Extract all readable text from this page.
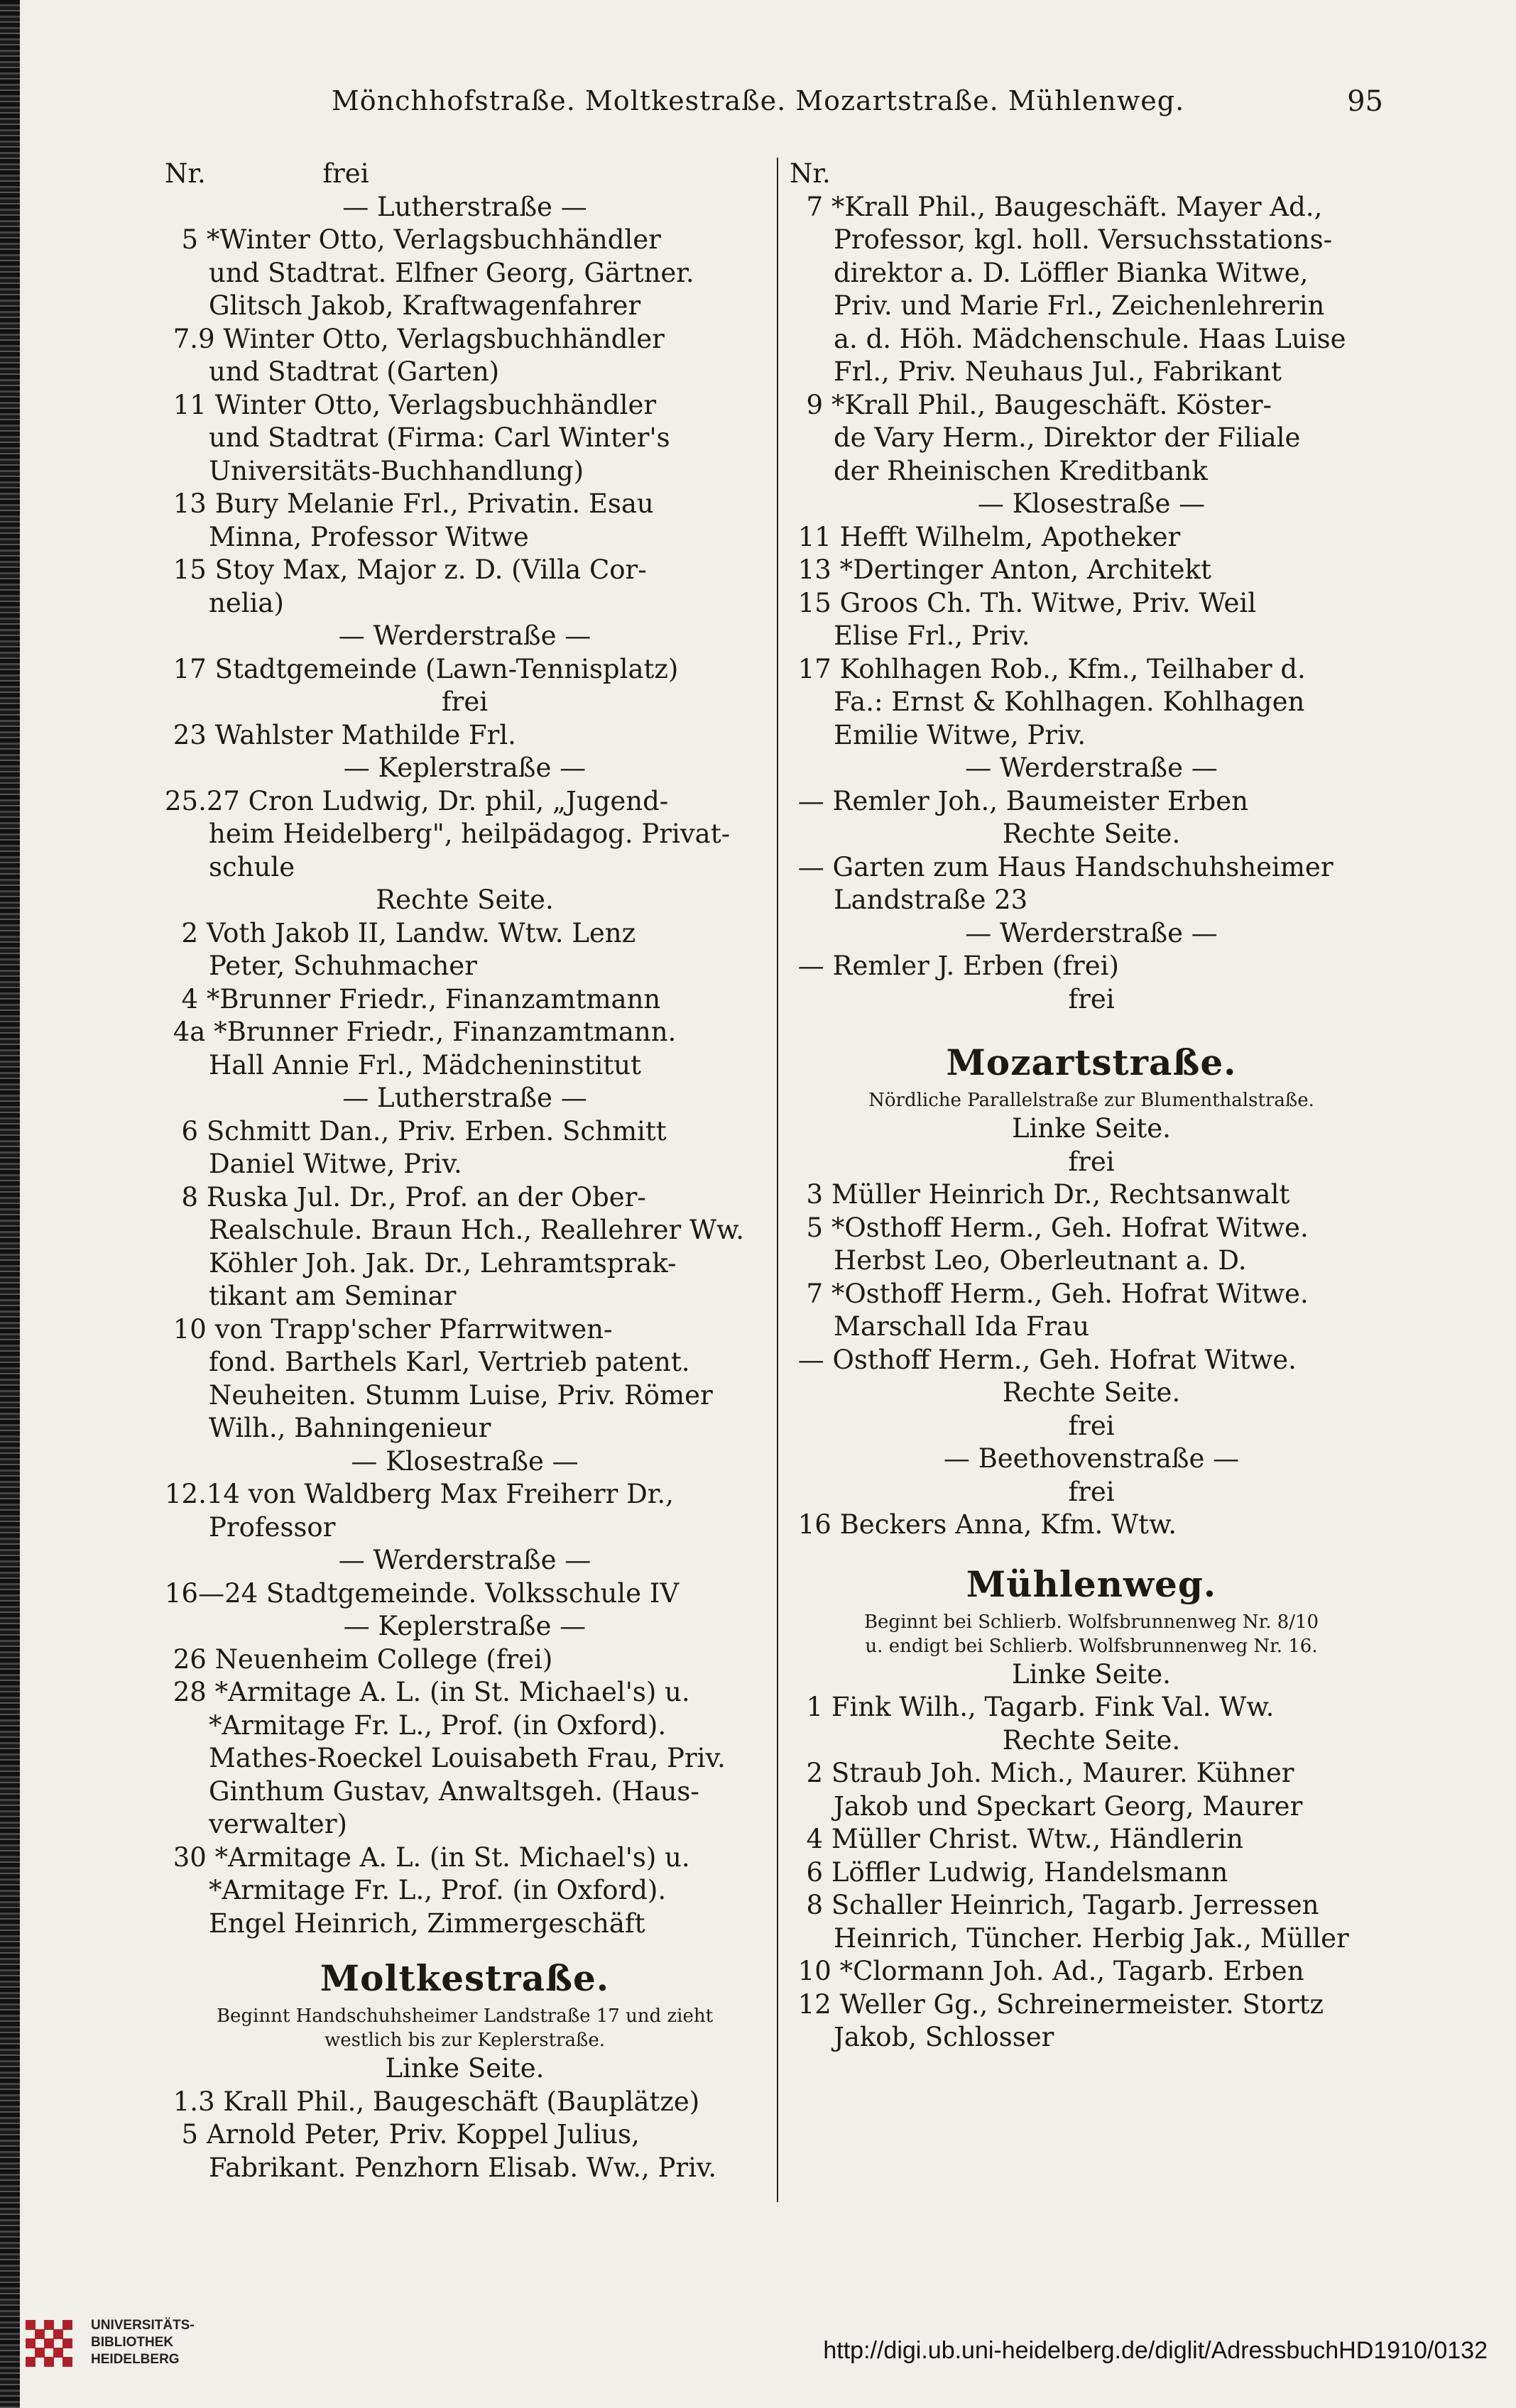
Mönchhofstraße. Moltkestraße. Mozartstraße. Mühlenweg.	95
Nr.              frei
— Lutherstraße —
5 *Winter Otto, Verlagsbuchhändler
und Stadtrat. Elfner Georg, Gärtner.
Glitsch Jakob, Kraftwagenfahrer
7.9 Winter Otto, Verlagsbuchhändler
und Stadtrat (Garten)
11 Winter Otto, Verlagsbuchhändler
und Stadtrat (Firma: Carl Winter's
Universitäts-Buchhandlung)
13 Bury Melanie Frl., Privatin. Esau
Minna, Professor Witwe
15 Stoy Max, Major z. D. (Villa Cor-
nelia)
— Werderstraße —
17 Stadtgemeinde (Lawn-Tennisplatz)
frei
23 Wahlster Mathilde Frl.
— Keplerstraße —
25.27 Cron Ludwig, Dr. phil, „Jugend-
heim Heidelberg", heilpädagog. Privat-
schule
Rechte Seite.
2 Voth Jakob II, Landw. Wtw. Lenz
Peter, Schuhmacher
4 *Brunner Friedr., Finanzamtmann
4a *Brunner Friedr., Finanzamtmann.
Hall Annie Frl., Mädcheninstitut
— Lutherstraße —
6 Schmitt Dan., Priv. Erben. Schmitt
Daniel Witwe, Priv.
8 Ruska Jul. Dr., Prof. an der Ober-
Realschule. Braun Hch., Reallehrer Ww.
Köhler Joh. Jak. Dr., Lehramtsprak-
tikant am Seminar
10 von Trapp'scher Pfarrwitwen-
fond. Barthels Karl, Vertrieb patent.
Neuheiten. Stumm Luise, Priv. Römer
Wilh., Bahningenieur
— Klosestraße —
12.14 von Waldberg Max Freiherr Dr.,
Professor
— Werderstraße —
16—24 Stadtgemeinde. Volksschule IV
— Keplerstraße —
26 Neuenheim College (frei)
28 *Armitage A. L. (in St. Michael's) u.
*Armitage Fr. L., Prof. (in Oxford).
Mathes-Roeckel Louisabeth Frau, Priv.
Ginthum Gustav, Anwaltsgeh. (Haus-
verwalter)
30 *Armitage A. L. (in St. Michael's) u.
*Armitage Fr. L., Prof. (in Oxford).
Engel Heinrich, Zimmergeschäft
Moltkestraße.
Beginnt Handschuhsheimer Landstraße 17 und zieht
westlich bis zur Keplerstraße.
Linke Seite.
1.3 Krall Phil., Baugeschäft (Bauplätze)
5 Arnold Peter, Priv. Koppel Julius,
Fabrikant. Penzhorn Elisab. Ww., Priv.
Nr.
7 *Krall Phil., Baugeschäft. Mayer Ad.,
Professor, kgl. holl. Versuchsstations-
direktor a. D. Löffler Bianka Witwe,
Priv. und Marie Frl., Zeichenlehrerin
a. d. Höh. Mädchenschule. Haas Luise
Frl., Priv. Neuhaus Jul., Fabrikant
9 *Krall Phil., Baugeschäft. Köster-
de Vary Herm., Direktor der Filiale
der Rheinischen Kreditbank
— Klosestraße —
11 Hefft Wilhelm, Apotheker
13 *Dertinger Anton, Architekt
15 Groos Ch. Th. Witwe, Priv. Weil
Elise Frl., Priv.
17 Kohlhagen Rob., Kfm., Teilhaber d.
Fa.: Ernst & Kohlhagen. Kohlhagen
Emilie Witwe, Priv.
— Werderstraße —
— Remler Joh., Baumeister Erben
Rechte Seite.
— Garten zum Haus Handschuhsheimer
Landstraße 23
— Werderstraße —
— Remler J. Erben (frei)
frei
Mozartstraße.
Nördliche Parallelstraße zur Blumenthalstraße.
Linke Seite.
frei
3 Müller Heinrich Dr., Rechtsanwalt
5 *Osthoff Herm., Geh. Hofrat Witwe.
Herbst Leo, Oberleutnant a. D.
7 *Osthoff Herm., Geh. Hofrat Witwe.
Marschall Ida Frau
— Osthoff Herm., Geh. Hofrat Witwe.
Rechte Seite.
frei
— Beethovenstraße —
frei
16 Beckers Anna, Kfm. Wtw.
Mühlenweg.
Beginnt bei Schlierb. Wolfsbrunnenweg Nr. 8/10
u. endigt bei Schlierb. Wolfsbrunnenweg Nr. 16.
Linke Seite.
1 Fink Wilh., Tagarb. Fink Val. Ww.
Rechte Seite.
2 Straub Joh. Mich., Maurer. Kühner
Jakob und Speckart Georg, Maurer
4 Müller Christ. Wtw., Händlerin
6 Löffler Ludwig, Handelsmann
8 Schaller Heinrich, Tagarb. Jerressen
Heinrich, Tüncher. Herbig Jak., Müller
10 *Clormann Joh. Ad., Tagarb. Erben
12 Weller Gg., Schreinermeister. Stortz
Jakob, Schlosser
UNIVERSITÄTS-
BIBLIOTHEK
HEIDELBERG	http://digi.ub.uni-heidelberg.de/diglit/AdressbuchHD1910/0132
